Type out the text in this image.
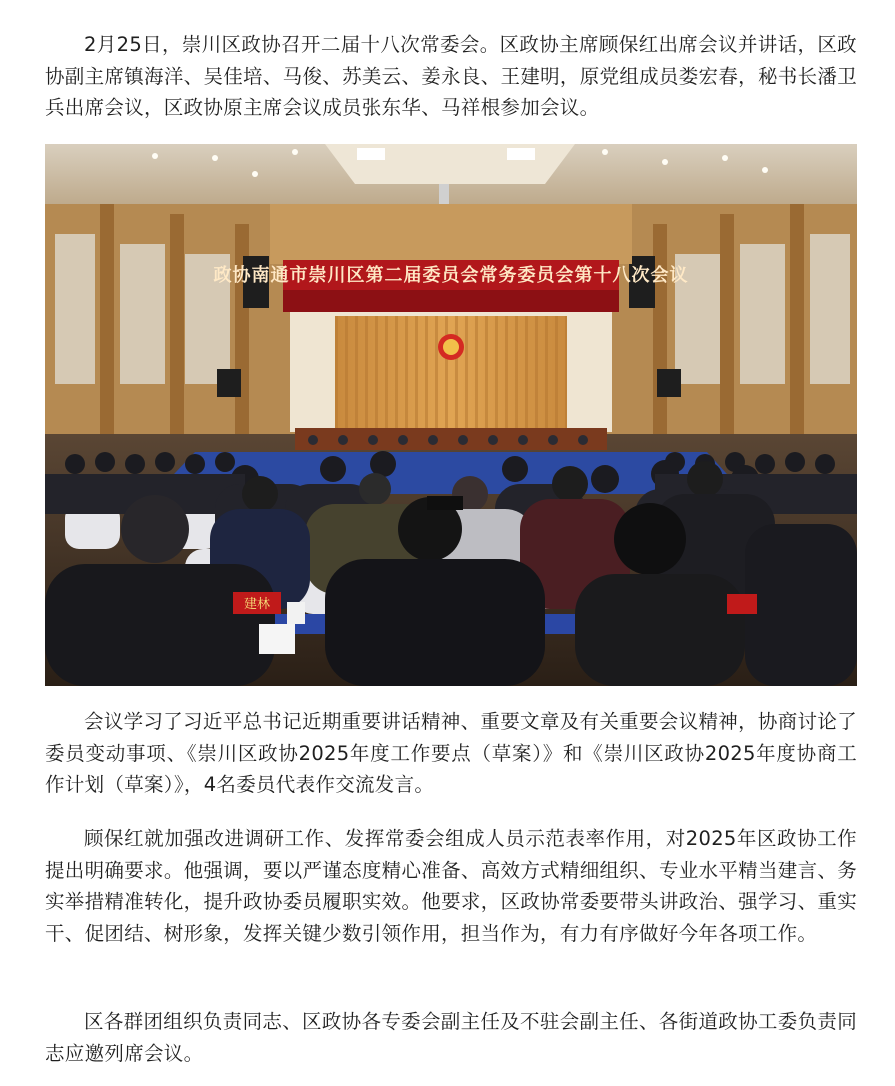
2月25日，崇川区政协召开二届十八次常委会。区政协主席顾保红出席会议并讲话，区政协副主席镇海洋、吴佳培、马俊、苏美云、姜永良、王建明，原党组成员娄宏春，秘书长潘卫兵出席会议，区政协原主席会议成员张东华、马祥根参加会议。

政协南通市崇川区第二届委员会常务委员会第十八次会议
建林

会议学习了习近平总书记近期重要讲话精神、重要文章及有关重要会议精神，协商讨论了委员变动事项、《崇川区政协2025年度工作要点（草案）》和《崇川区政协2025年度协商工作计划（草案）》，4名委员代表作交流发言。

顾保红就加强改进调研工作、发挥常委会组成人员示范表率作用，对2025年区政协工作提出明确要求。他强调，要以严谨态度精心准备、高效方式精细组织、专业水平精当建言、务实举措精准转化，提升政协委员履职实效。他要求，区政协常委要带头讲政治、强学习、重实干、促团结、树形象，发挥关键少数引领作用，担当作为，有力有序做好今年各项工作。

区各群团组织负责同志、区政协各专委会副主任及不驻会副主任、各街道政协工委负责同志应邀列席会议。
